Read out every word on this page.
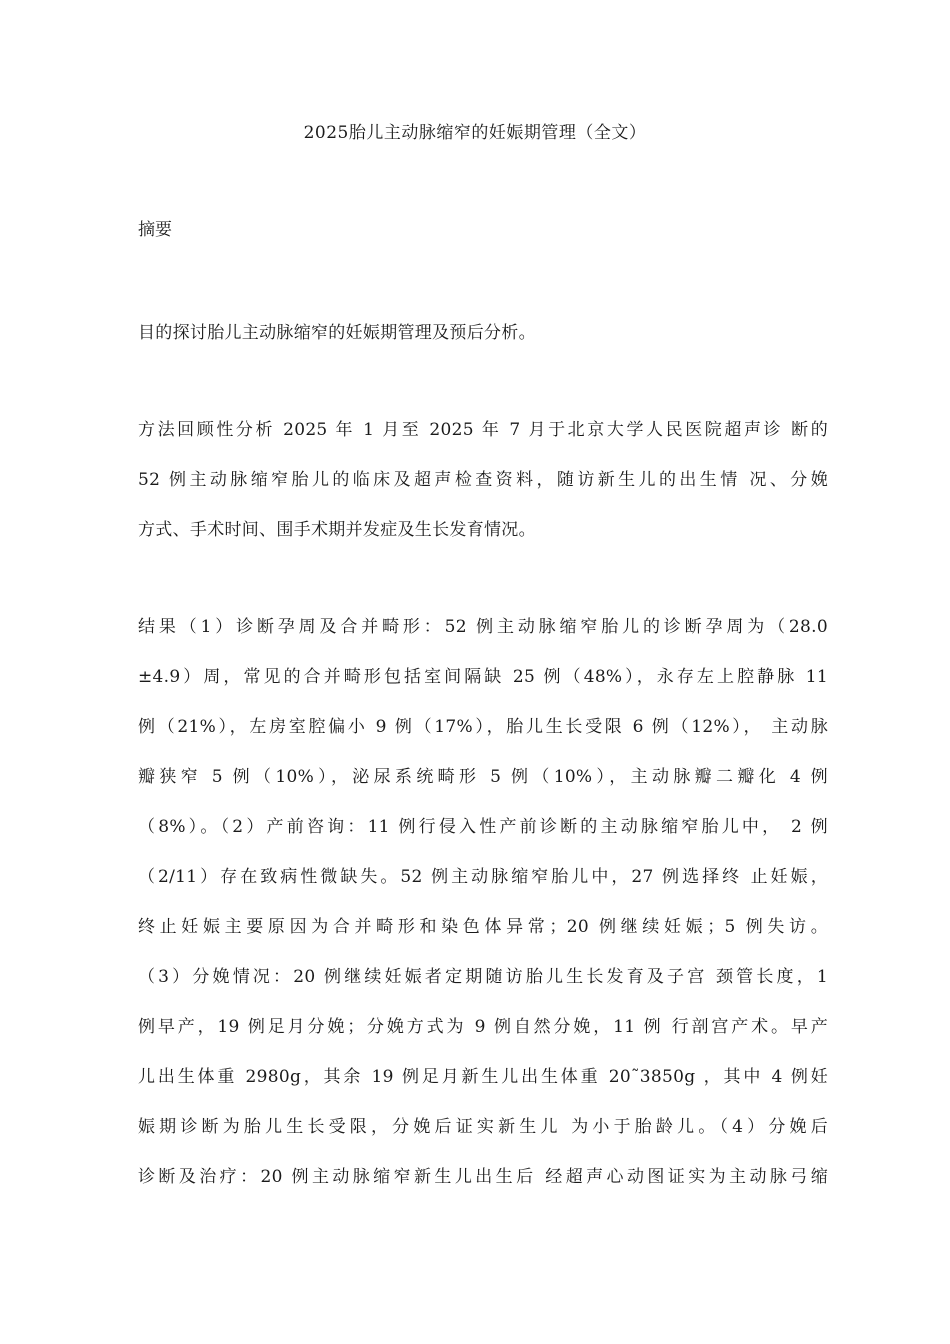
2025胎儿主动脉缩窄的妊娠期管理（全文）
摘要
目的探讨胎儿主动脉缩窄的妊娠期管理及预后分析。
方法回顾性分析 2025 年 1 月至 2025 年 7 月于北京大学人民医院超声诊 断的
52 例主动脉缩窄胎儿的临床及超声检查资料，随访新生儿的出生情 况、分娩
方式、手术时间、围手术期并发症及生长发育情况。
结果（1）诊断孕周及合并畸形：52 例主动脉缩窄胎儿的诊断孕周为（28.0
±4.9）周，常见的合并畸形包括室间隔缺 25 例（48%），永存左上腔静脉 11
例（21%），左房室腔偏小 9 例（17%），胎儿生长受限 6 例（12%）， 主动脉
瓣狭窄 5 例（10%），泌尿系统畸形 5 例（10%），主动脉瓣二瓣化 4 例
（8%）。（2）产前咨询：11 例行侵入性产前诊断的主动脉缩窄胎儿中， 2 例
（2/11）存在致病性微缺失。52 例主动脉缩窄胎儿中，27 例选择终 止妊娠，
终止妊娠主要原因为合并畸形和染色体异常；20 例继续妊娠；5 例失访。
（3）分娩情况：20 例继续妊娠者定期随访胎儿生长发育及子宫 颈管长度，1
例早产，19 例足月分娩；分娩方式为 9 例自然分娩，11 例 行剖宫产术。早产
儿出生体重 2980g，其余 19 例足月新生儿出生体重 20˜3850g ，其中 4 例妊
娠期诊断为胎儿生长受限，分娩后证实新生儿 为小于胎龄儿。（4）分娩后
诊断及治疗：20 例主动脉缩窄新生儿出生后 经超声心动图证实为主动脉弓缩
